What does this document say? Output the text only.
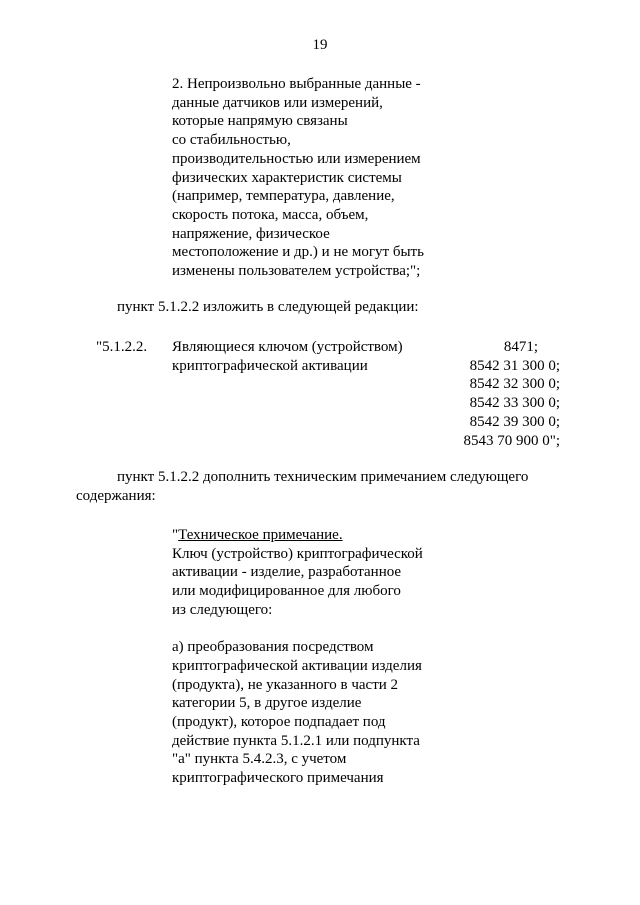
19
2. Непроизвольно выбранные данные -
данные датчиков или измерений,
которые напрямую связаны
со стабильностью,
производительностью или измерением
физических характеристик системы
(например, температура, давление,
скорость потока, масса, объем,
напряжение, физическое
местоположение и др.) и не могут быть
изменены пользователем устройства;";
пункт 5.1.2.2 изложить в следующей редакции:
"5.1.2.2. Являющиеся ключом (устройством)
криптографической активации
8471;
8542 31 300 0;
8542 32 300 0;
8542 33 300 0;
8542 39 300 0;
8543 70 900 0";
пункт 5.1.2.2 дополнить техническим примечанием следующего
содержания:
"Техническое примечание.
Ключ (устройство) криптографической
активации - изделие, разработанное
или модифицированное для любого
из следующего:
а) преобразования посредством
криптографической активации изделия
(продукта), не указанного в части 2
категории 5, в другое изделие
(продукт), которое подпадает под
действие пункта 5.1.2.1 или подпункта
"а" пункта 5.4.2.3, с учетом
криптографического примечания
